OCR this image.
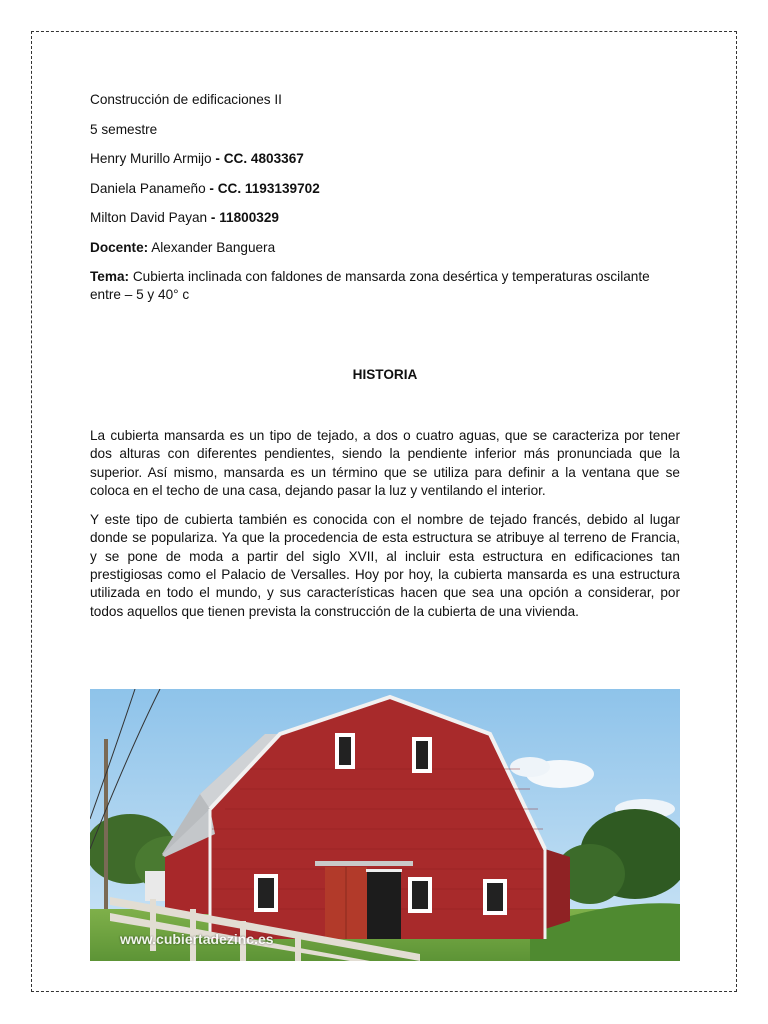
Construcción de edificaciones II

5 semestre

Henry Murillo Armijo - CC. 4803367

Daniela Panameño - CC. 1193139702

Milton David Payan - 11800329

Docente: Alexander Banguera

Tema: Cubierta inclinada con faldones de mansarda zona desértica y temperaturas oscilante entre – 5 y 40° c

HISTORIA

La cubierta mansarda es un tipo de tejado, a dos o cuatro aguas, que se caracteriza por tener dos alturas con diferentes pendientes, siendo la pendiente inferior más pronunciada que la superior. Así mismo, mansarda es un término que se utiliza para definir a la ventana que se coloca en el techo de una casa, dejando pasar la luz y ventilando el interior.

Y este tipo de cubierta también es conocida con el nombre de tejado francés, debido al lugar donde se populariza. Ya que la procedencia de esta estructura se atribuye al terreno de Francia, y se pone de moda a partir del siglo XVII, al incluir esta estructura en edificaciones tan prestigiosas como el Palacio de Versalles. Hoy por hoy, la cubierta mansarda es una estructura utilizada en todo el mundo, y sus características hacen que sea una opción a considerar, por todos aquellos que tienen prevista la construcción de la cubierta de una vivienda.

www.cubiertadezinc.es
